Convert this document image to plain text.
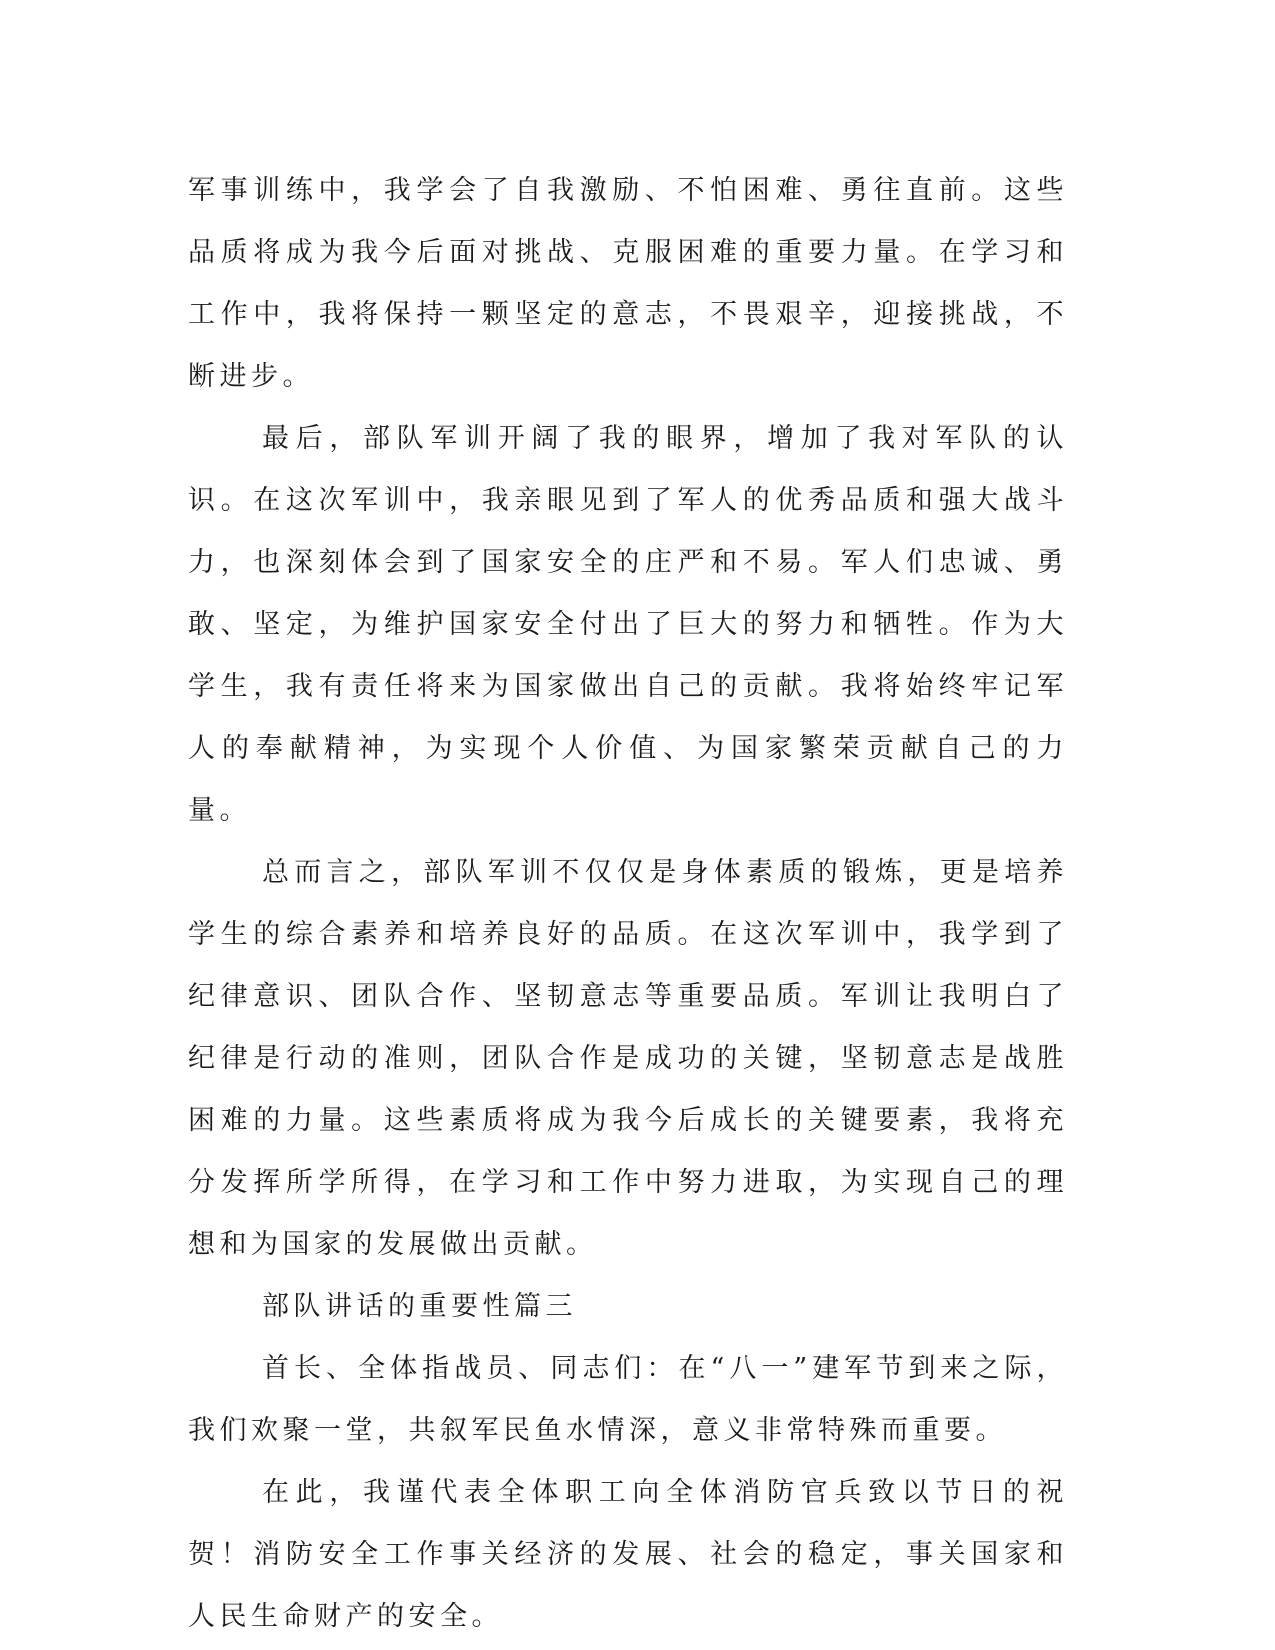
军事训练中，我学会了自我激励、不怕困难、勇往直前。这些品质将成为我今后面对挑战、克服困难的重要力量。在学习和工作中，我将保持一颗坚定的意志，不畏艰辛，迎接挑战，不断进步。

最后，部队军训开阔了我的眼界，增加了我对军队的认识。在这次军训中，我亲眼见到了军人的优秀品质和强大战斗力，也深刻体会到了国家安全的庄严和不易。军人们忠诚、勇敢、坚定，为维护国家安全付出了巨大的努力和牺牲。作为大学生，我有责任将来为国家做出自己的贡献。我将始终牢记军人的奉献精神，为实现个人价值、为国家繁荣贡献自己的力量。

总而言之，部队军训不仅仅是身体素质的锻炼，更是培养学生的综合素养和培养良好的品质。在这次军训中，我学到了纪律意识、团队合作、坚韧意志等重要品质。军训让我明白了纪律是行动的准则，团队合作是成功的关键，坚韧意志是战胜困难的力量。这些素质将成为我今后成长的关键要素，我将充分发挥所学所得，在学习和工作中努力进取，为实现自己的理想和为国家的发展做出贡献。

部队讲话的重要性篇三

首长、全体指战员、同志们：在“八一”建军节到来之际，我们欢聚一堂，共叙军民鱼水情深，意义非常特殊而重要。

在此，我谨代表全体职工向全体消防官兵致以节日的祝贺！消防安全工作事关经济的发展、社会的稳定，事关国家和人民生命财产的安全。
